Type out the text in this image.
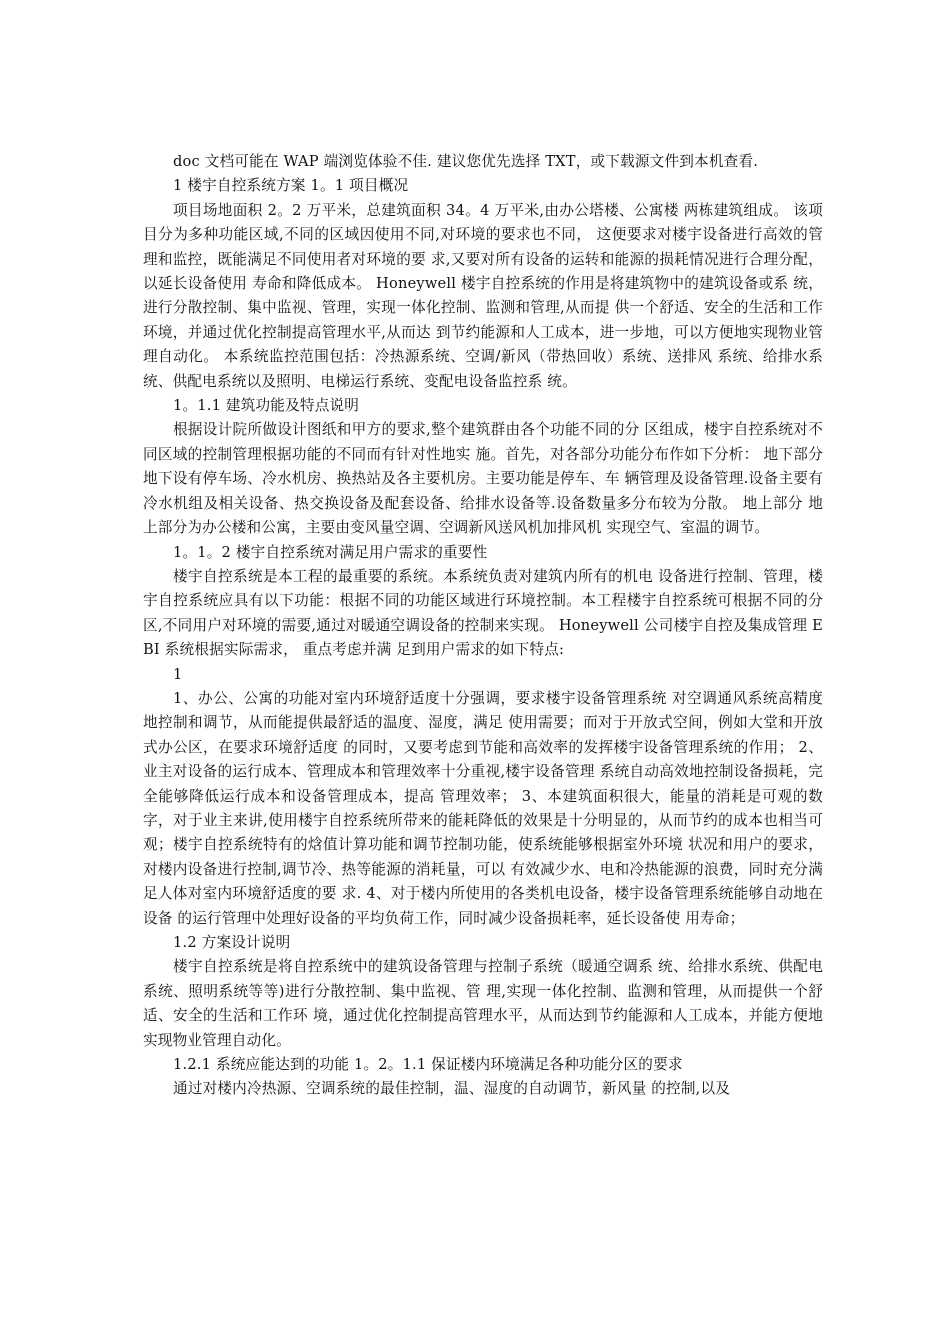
doc 文档可能在 WAP 端浏览体验不佳. 建议您优先选择 TXT，或下载源文件到本机查看.

1 楼宇自控系统方案 1。1 项目概况

项目场地面积 2。2 万平米，总建筑面积 34。4 万平米,由办公塔楼、公寓楼 两栋建筑组成。 该项目分为多种功能区域,不同的区域因使用不同,对环境的要求也不同， 这便要求对楼宇设备进行高效的管理和监控，既能满足不同使用者对环境的要 求,又要对所有设备的运转和能源的损耗情况进行合理分配，以延长设备使用 寿命和降低成本。 Honeywell 楼宇自控系统的作用是将建筑物中的建筑设备或系 统，进行分散控制、集中监视、管理，实现一体化控制、监测和管理,从而提 供一个舒适、安全的生活和工作环境，并通过优化控制提高管理水平,从而达 到节约能源和人工成本，进一步地，可以方便地实现物业管理自动化。 本系统监控范围包括：冷热源系统、空调/新风（带热回收）系统、送排风 系统、给排水系统、供配电系统以及照明、电梯运行系统、变配电设备监控系 统。

1。1.1 建筑功能及特点说明

根据设计院所做设计图纸和甲方的要求,整个建筑群由各个功能不同的分 区组成，楼宇自控系统对不同区域的控制管理根据功能的不同而有针对性地实 施。首先，对各部分功能分布作如下分析： 地下部分 地下设有停车场、冷水机房、换热站及各主要机房。主要功能是停车、车 辆管理及设备管理.设备主要有冷水机组及相关设备、热交换设备及配套设备、给排水设备等.设备数量多分布较为分散。 地上部分 地上部分为办公楼和公寓，主要由变风量空调、空调新风送风机加排风机 实现空气、室温的调节。

1。1。2 楼宇自控系统对满足用户需求的重要性

楼宇自控系统是本工程的最重要的系统。本系统负责对建筑内所有的机电 设备进行控制、管理，楼宇自控系统应具有以下功能：根据不同的功能区域进行环境控制。本工程楼宇自控系统可根据不同的分 区,不同用户对环境的需要,通过对暖通空调设备的控制来实现。 Honeywell 公司楼宇自控及集成管理 EBI 系统根据实际需求， 重点考虑并满 足到用户需求的如下特点:

1

1、办公、公寓的功能对室内环境舒适度十分强调，要求楼宇设备管理系统 对空调通风系统高精度地控制和调节，从而能提供最舒适的温度、湿度，满足 使用需要；而对于开放式空间，例如大堂和开放式办公区，在要求环境舒适度 的同时，又要考虑到节能和高效率的发挥楼宇设备管理系统的作用； 2、业主对设备的运行成本、管理成本和管理效率十分重视,楼宇设备管理 系统自动高效地控制设备损耗，完全能够降低运行成本和设备管理成本，提高 管理效率； 3、本建筑面积很大，能量的消耗是可观的数字，对于业主来讲,使用楼宇自控系统所带来的能耗降低的效果是十分明显的，从而节约的成本也相当可观；楼宇自控系统特有的焓值计算功能和调节控制功能，使系统能够根据室外环境 状况和用户的要求，对楼内设备进行控制,调节冷、热等能源的消耗量，可以 有效减少水、电和冷热能源的浪费，同时充分满足人体对室内环境舒适度的要 求. 4、对于楼内所使用的各类机电设备，楼宇设备管理系统能够自动地在设备 的运行管理中处理好设备的平均负荷工作，同时减少设备损耗率，延长设备使 用寿命；

1.2 方案设计说明

楼宇自控系统是将自控系统中的建筑设备管理与控制子系统（暖通空调系 统、给排水系统、供配电系统、照明系统等等)进行分散控制、集中监视、管 理,实现一体化控制、监测和管理，从而提供一个舒适、安全的生活和工作环 境，通过优化控制提高管理水平，从而达到节约能源和人工成本，并能方便地 实现物业管理自动化。

1.2.1 系统应能达到的功能 1。2。1.1 保证楼内环境满足各种功能分区的要求

通过对楼内冷热源、空调系统的最佳控制，温、湿度的自动调节，新风量 的控制,以及
